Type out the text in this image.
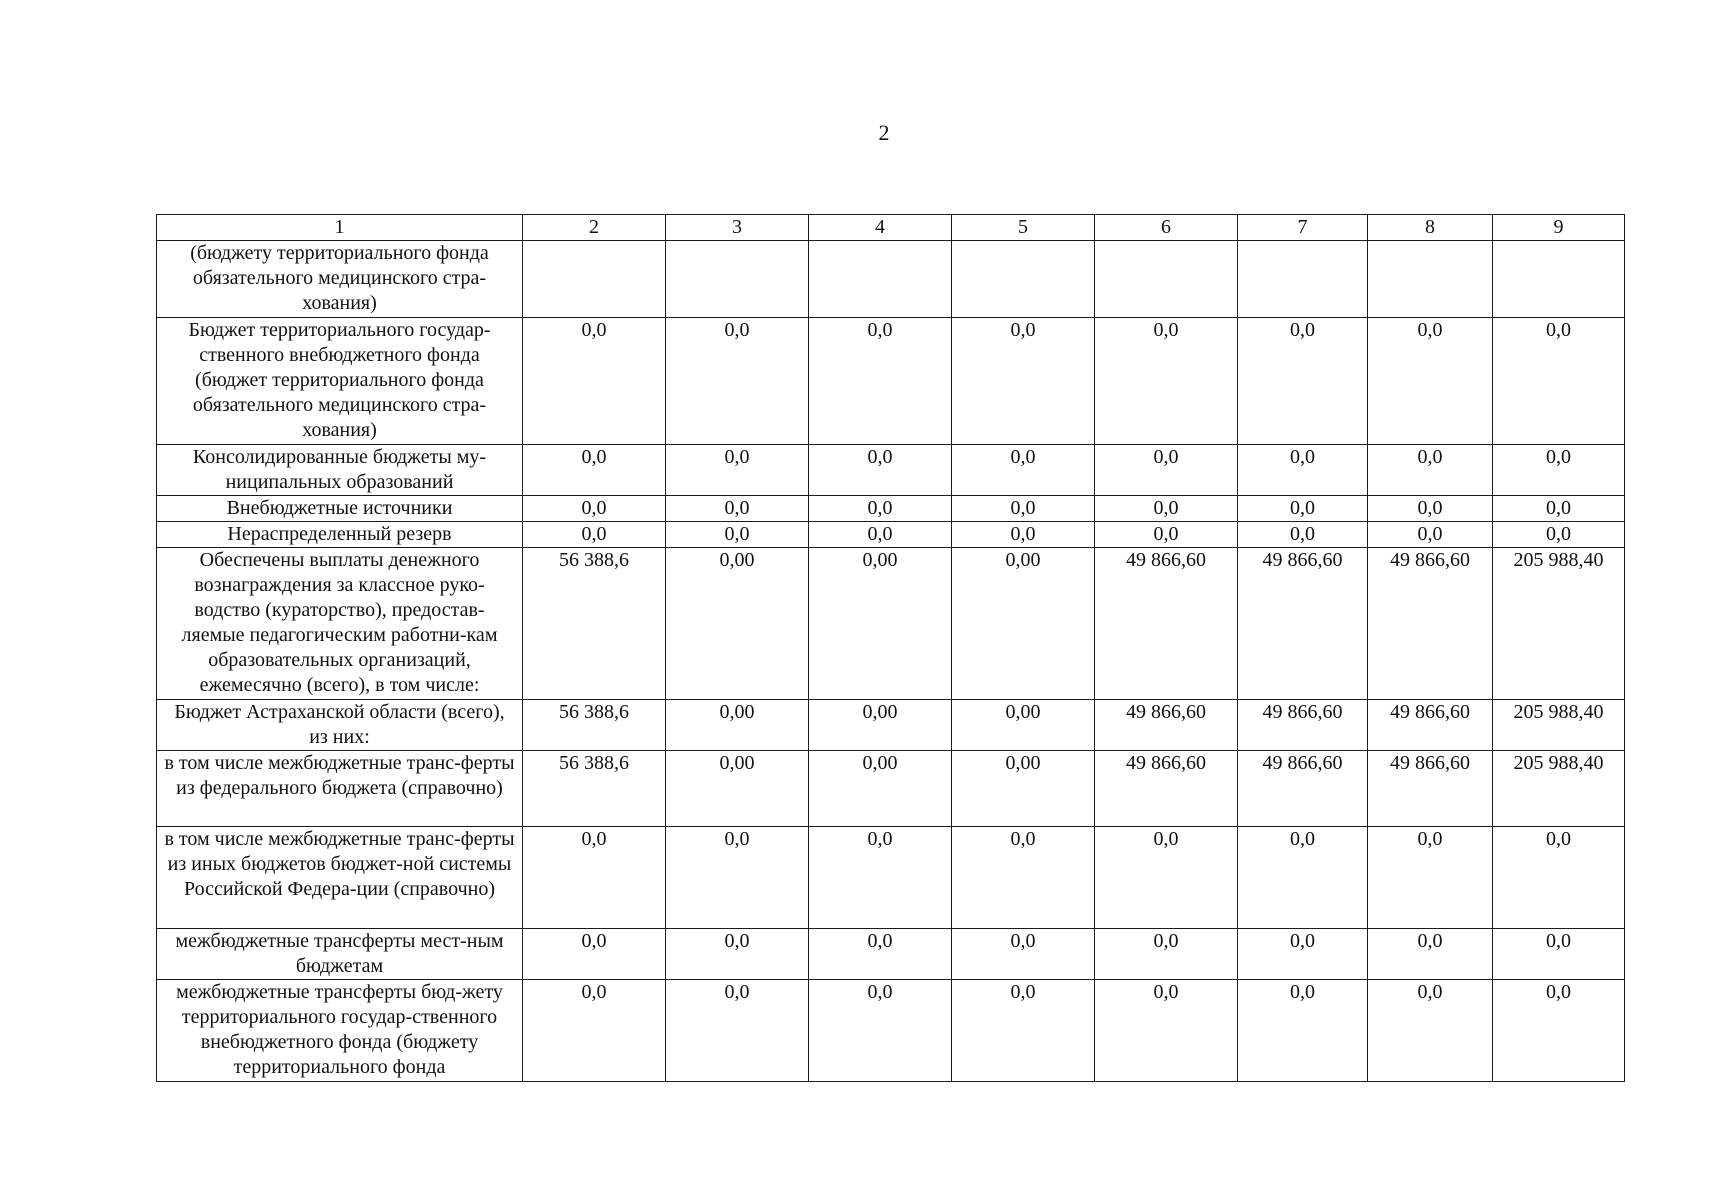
2
1	2	3	4	5	6	7	8	9
(бюджету территориального фонда обязательного медицинского стра-хования)								
Бюджет территориального государ-ственного внебюджетного фонда (бюджет территориального фонда обязательного медицинского стра-хования)	0,0	0,0	0,0	0,0	0,0	0,0	0,0	0,0
Консолидированные бюджеты му-ниципальных образований	0,0	0,0	0,0	0,0	0,0	0,0	0,0	0,0
Внебюджетные источники	0,0	0,0	0,0	0,0	0,0	0,0	0,0	0,0
Нераспределенный резерв	0,0	0,0	0,0	0,0	0,0	0,0	0,0	0,0
Обеспечены выплаты денежного вознаграждения за классное руко-водство (кураторство), предостав-ляемые педагогическим работни-кам образовательных организаций, ежемесячно (всего), в том числе:	56 388,6	0,00	0,00	0,00	49 866,60	49 866,60	49 866,60	205 988,40
Бюджет Астраханской области (всего), из них:	56 388,6	0,00	0,00	0,00	49 866,60	49 866,60	49 866,60	205 988,40
в том числе межбюджетные транс-ферты из федерального бюджета (справочно)	56 388,6	0,00	0,00	0,00	49 866,60	49 866,60	49 866,60	205 988,40
в том числе межбюджетные транс-ферты из иных бюджетов бюджет-ной системы Российской Федера-ции (справочно)	0,0	0,0	0,0	0,0	0,0	0,0	0,0	0,0
межбюджетные трансферты мест-ным бюджетам	0,0	0,0	0,0	0,0	0,0	0,0	0,0	0,0
межбюджетные трансферты бюд-жету территориального государ-ственного внебюджетного фонда (бюджету территориального фонда	0,0	0,0	0,0	0,0	0,0	0,0	0,0	0,0
